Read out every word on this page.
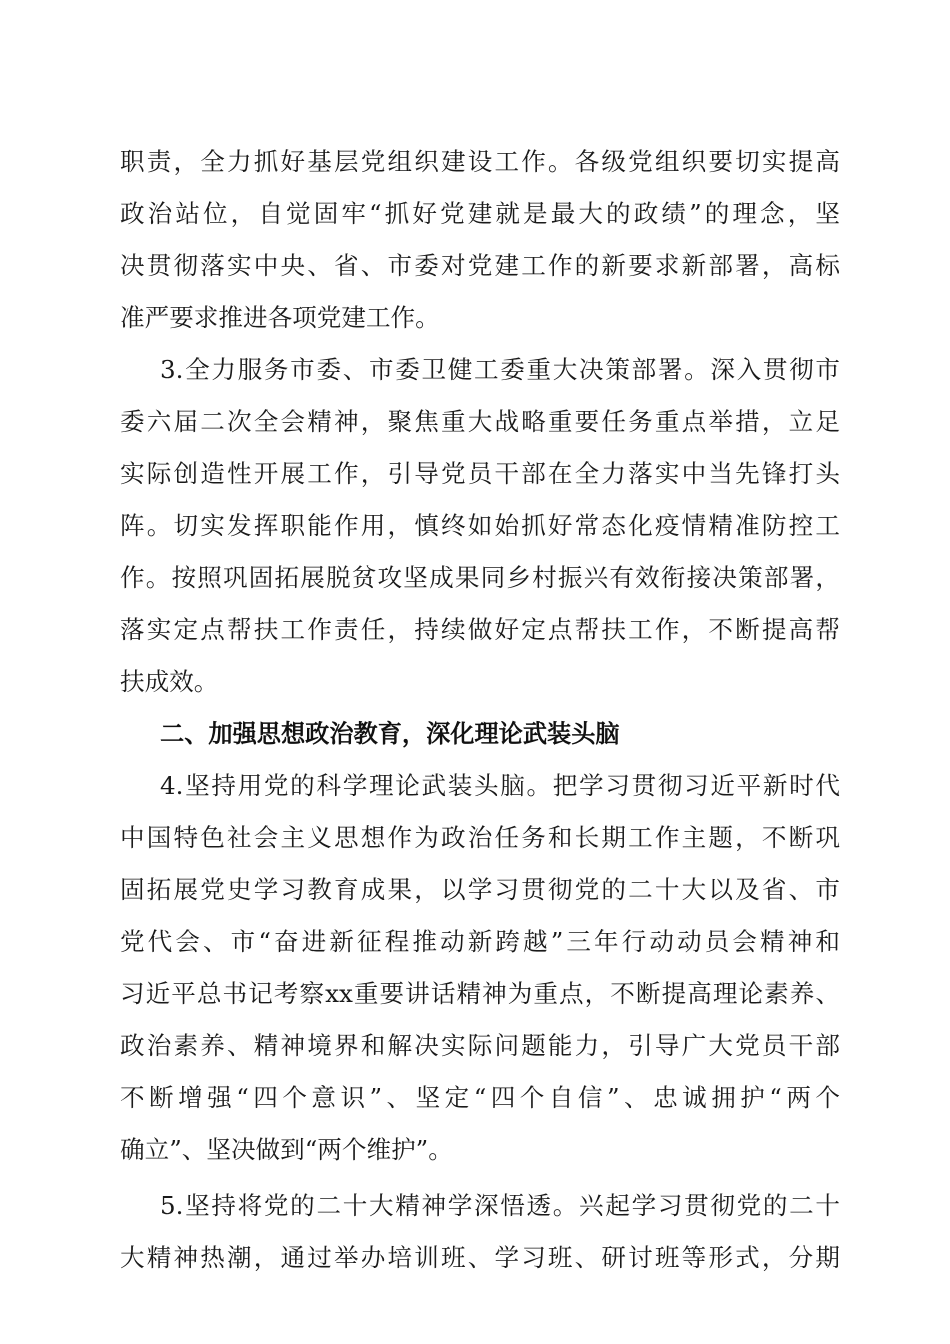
职责，全力抓好基层党组织建设工作。各级党组织要切实提高
政治站位，自觉固牢“抓好党建就是最大的政绩”的理念，坚
决贯彻落实中央、省、市委对党建工作的新要求新部署，高标
准严要求推进各项党建工作。
3.全力服务市委、市委卫健工委重大决策部署。深入贯彻市
委六届二次全会精神，聚焦重大战略重要任务重点举措，立足
实际创造性开展工作，引导党员干部在全力落实中当先锋打头
阵。切实发挥职能作用，慎终如始抓好常态化疫情精准防控工
作。按照巩固拓展脱贫攻坚成果同乡村振兴有效衔接决策部署，
落实定点帮扶工作责任，持续做好定点帮扶工作，不断提高帮
扶成效。
二、加强思想政治教育，深化理论武装头脑
4.坚持用党的科学理论武装头脑。把学习贯彻习近平新时代
中国特色社会主义思想作为政治任务和长期工作主题，不断巩
固拓展党史学习教育成果，以学习贯彻党的二十大以及省、市
党代会、市“奋进新征程推动新跨越”三年行动动员会精神和
习近平总书记考察xx重要讲话精神为重点，不断提高理论素养、
政治素养、精神境界和解决实际问题能力，引导广大党员干部
不断增强“四个意识”、坚定“四个自信”、忠诚拥护“两个
确立”、坚决做到“两个维护”。
5.坚持将党的二十大精神学深悟透。兴起学习贯彻党的二十
大精神热潮，通过举办培训班、学习班、研讨班等形式，分期
